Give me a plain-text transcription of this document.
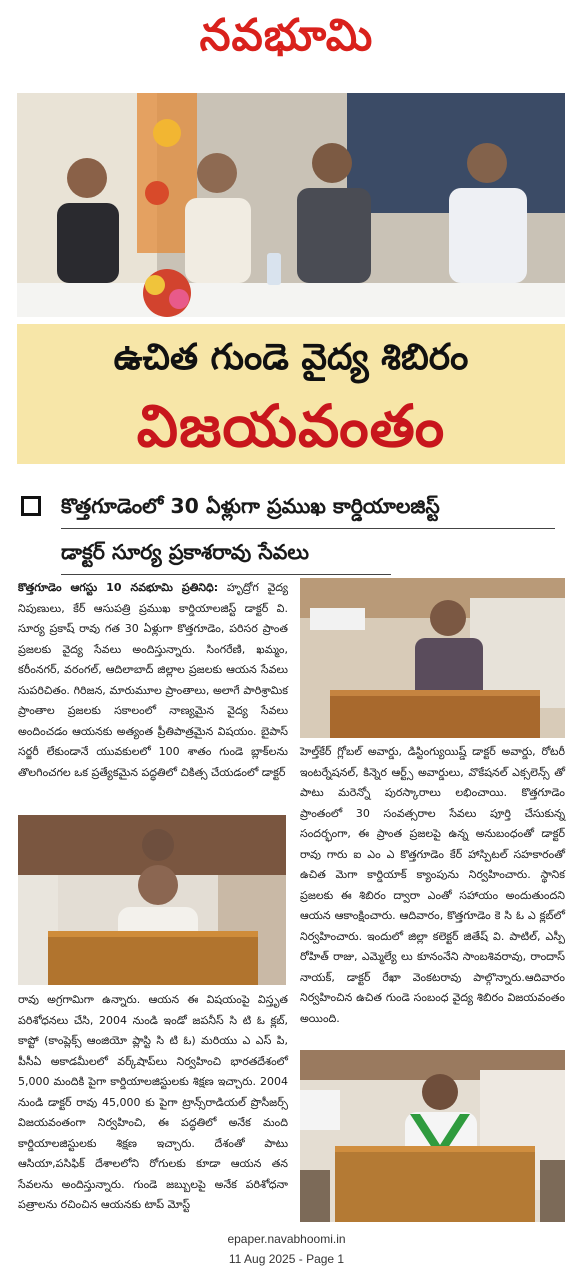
నవభూమి
ఉచిత గుండె వైద్య శిబిరం
విజయవంతం
కొత్తగూడెంలో 30 ఏళ్లుగా ప్రముఖ కార్డియాలజిస్ట్
డాక్టర్ సూర్య ప్రకాశరావు సేవలు
కొత్తగూడెం ఆగస్టు 10 నవభూమి ప్రతినిధి: హృద్రోగ వైద్య నిపుణులు, కేర్ ఆసుపత్రి ప్రముఖ కార్డియాలజిస్ట్ డాక్టర్ వి. సూర్య ప్రకాష్ రావు గత 30 ఏళ్లుగా కొత్తగూడెం, పరిసర ప్రాంత ప్రజలకు వైద్య సేవలు అందిస్తున్నారు. సింగరేణి, ఖమ్మం, కరీంనగర్, వరంగల్, ఆదిలాబాద్ జిల్లాల ప్రజలకు ఆయన సేవలు సుపరిచితం. గిరిజన, మారుమూల ప్రాంతాలు, అలాగే పారిశ్రామిక ప్రాంతాల ప్రజలకు సకాలంలో నాణ్యమైన వైద్య సేవలు అందించడం ఆయనకు అత్యంత ప్రీతిపాత్రమైన విషయం. బైపాస్ సర్జరీ లేకుండానే యువకులలో 100 శాతం గుండె బ్లాక్‌లను తొలగించగల ఒక ప్రత్యేకమైన పద్ధతిలో చికిత్స చేయడంలో డాక్టర్
హెల్త్‌కేర్ గ్లోబల్ అవార్డు, డిస్టింగ్యుయిష్డ్ డాక్టర్ అవార్డు, రోటరీ ఇంటర్నేషనల్, కిన్నెర ఆర్ట్స్ అవార్డులు, వొకేషనల్ ఎక్సలెన్స్ తో పాటు మరెన్నో పురస్కారాలు లభించాయి. కొత్తగూడెం ప్రాంతంలో 30 సంవత్సరాల సేవలు పూర్తి చేసుకున్న సందర్భంగా, ఈ ప్రాంత ప్రజలపై ఉన్న అనుబంధంతో డాక్టర్ రావు గారు ఐ ఎం ఎ కొత్తగూడెం కేర్ హాస్పిటల్ సహకారంతో ఉచిత మెగా కార్డియాక్ క్యాంపును నిర్వహించారు. స్థానిక ప్రజలకు ఈ శిబిరం ద్వారా ఎంతో సహాయం అందుతుందని ఆయన ఆకాంక్షించారు. ఆదివారం, కొత్తగూడెం కె సి ఓ ఎ క్లబ్‌లో నిర్వహించారు. ఇందులో జిల్లా కలెక్టర్ జితేష్ వి. పాటిల్, ఎస్పీ రోహిత్ రాజు, ఎమ్మెల్యే లు కూనంనేని సాంబశివరావు, రాందాస్ నాయక్, డాక్టర్ రేఖా వెంకటరావు పాల్గొన్నారు.ఆదివారం నిర్వహించిన ఉచిత గుండె సంబంధ వైద్య శిబిరం విజయవంతం అయింది.
రావు అగ్రగామిగా ఉన్నారు. ఆయన ఈ విషయంపై విస్తృత పరిశోధనలు చేసి, 2004 నుండి ఇండో జపనీస్ సి టి ఓ క్లబ్, కాప్టో (కాంప్లెక్స్ ఆంజియో ప్లాస్టి సి టి ఓ) మరియు ఎ ఎస్ పి, పీసీఏ అకాడమీలలో వర్క్‌షాప్‌లు నిర్వహించి భారతదేశంలో 5,000 మందికి పైగా కార్డియాలజిస్టులకు శిక్షణ ఇచ్చారు. 2004 నుండి డాక్టర్ రావు 45,000 కు పైగా ట్రాన్స్‌రాడియల్ ప్రొసీజర్స్ విజయవంతంగా నిర్వహించి, ఈ పద్ధతిలో అనేక మంది కార్డియాలజిస్టులకు శిక్షణ ఇచ్చారు. దేశంతో పాటు ఆసియా,పసిఫిక్ దేశాలలోని రోగులకు కూడా ఆయన తన సేవలను అందిస్తున్నారు. గుండె జబ్బులపై అనేక పరిశోధనా పత్రాలను రచించిన ఆయనకు టాప్ మోస్ట్
epaper.navabhoomi.in
11 Aug 2025 - Page 1
